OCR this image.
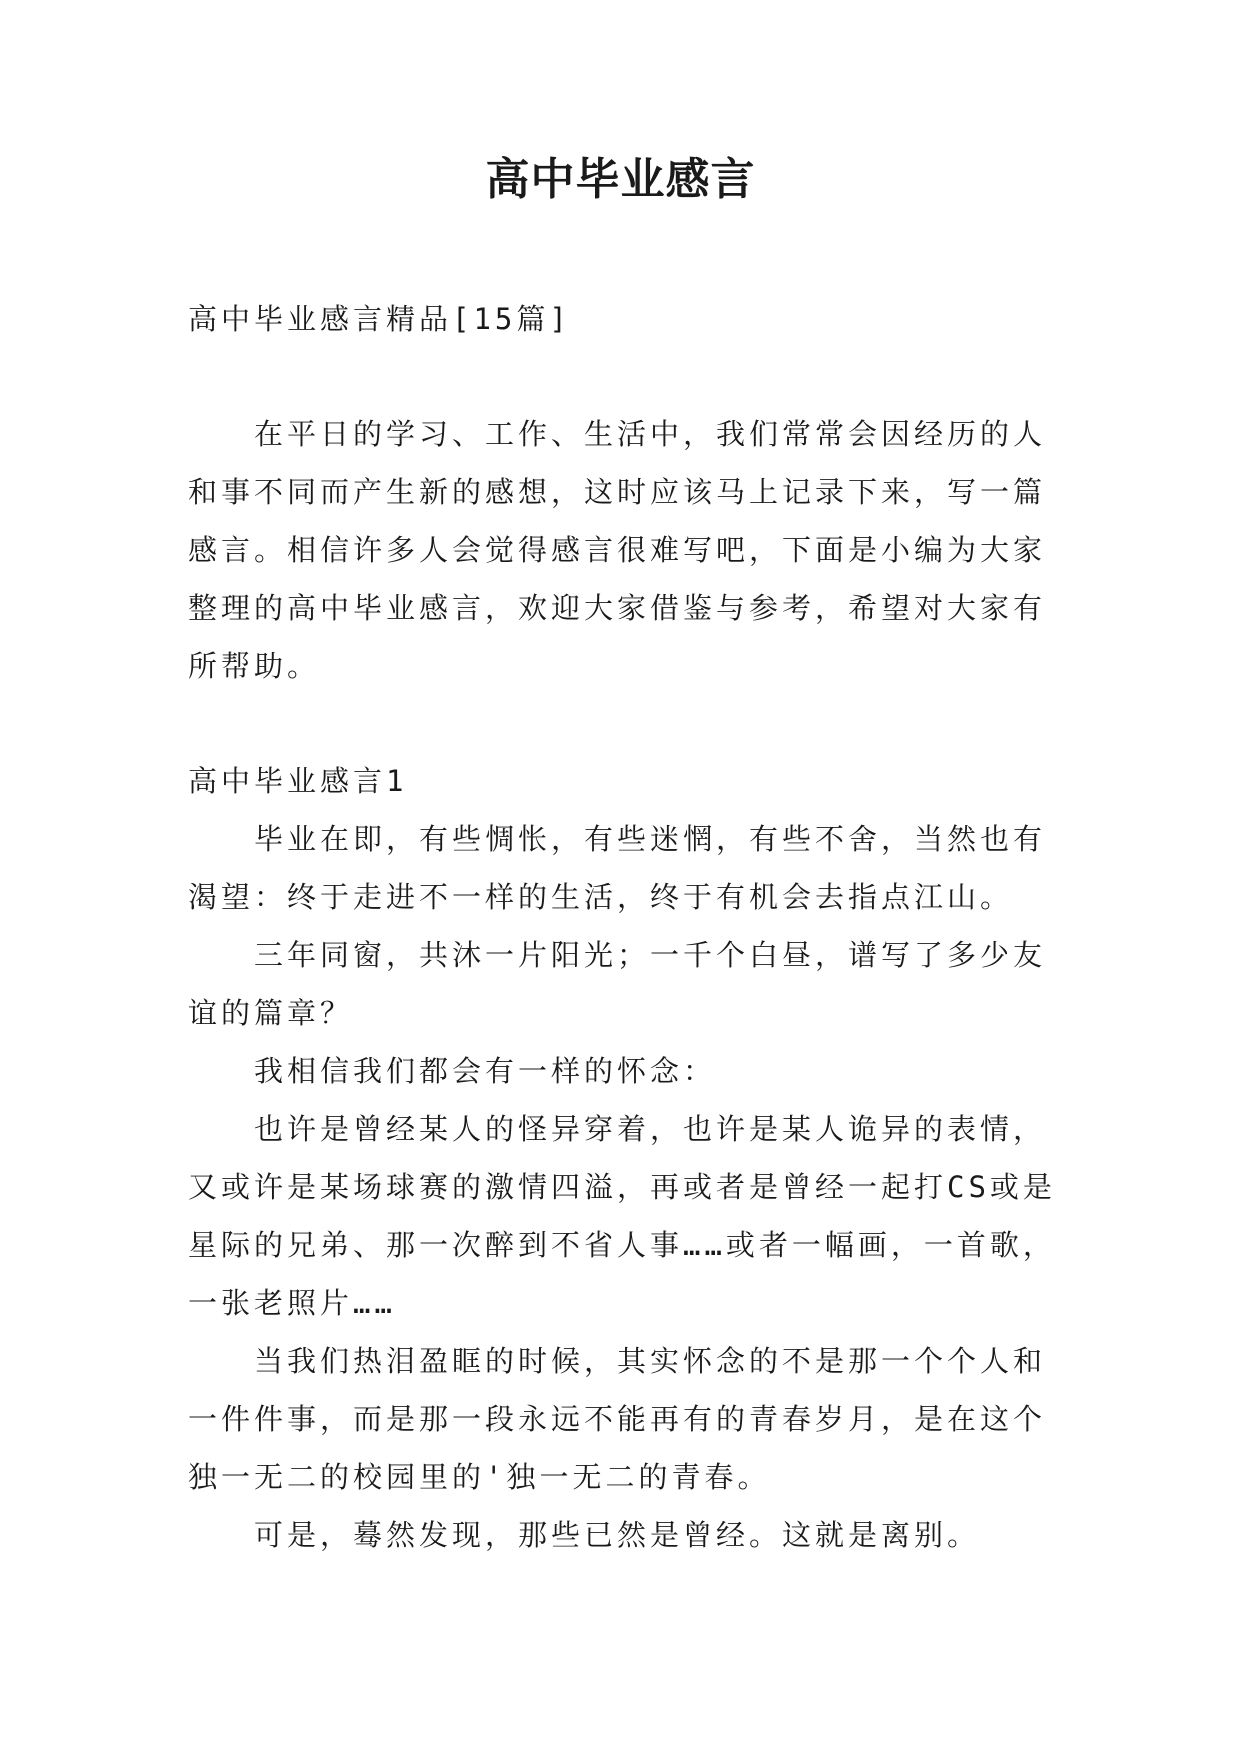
高中毕业感言
高中毕业感言精品[15篇]
在平日的学习、工作、生活中，我们常常会因经历的人和事不同而产生新的感想，这时应该马上记录下来，写一篇感言。相信许多人会觉得感言很难写吧，下面是小编为大家整理的高中毕业感言，欢迎大家借鉴与参考，希望对大家有所帮助。
高中毕业感言1

毕业在即，有些惆怅，有些迷惘，有些不舍，当然也有渴望：终于走进不一样的生活，终于有机会去指点江山。

三年同窗，共沐一片阳光；一千个白昼，谱写了多少友谊的篇章？

我相信我们都会有一样的怀念：

也许是曾经某人的怪异穿着，也许是某人诡异的表情，又或许是某场球赛的激情四溢，再或者是曾经一起打CS或是星际的兄弟、那一次醉到不省人事……或者一幅画，一首歌，一张老照片……

当我们热泪盈眶的时候，其实怀念的不是那一个个人和一件件事，而是那一段永远不能再有的青春岁月，是在这个独一无二的校园里的'独一无二的青春。

可是，蓦然发现，那些已然是曾经。这就是离别。
